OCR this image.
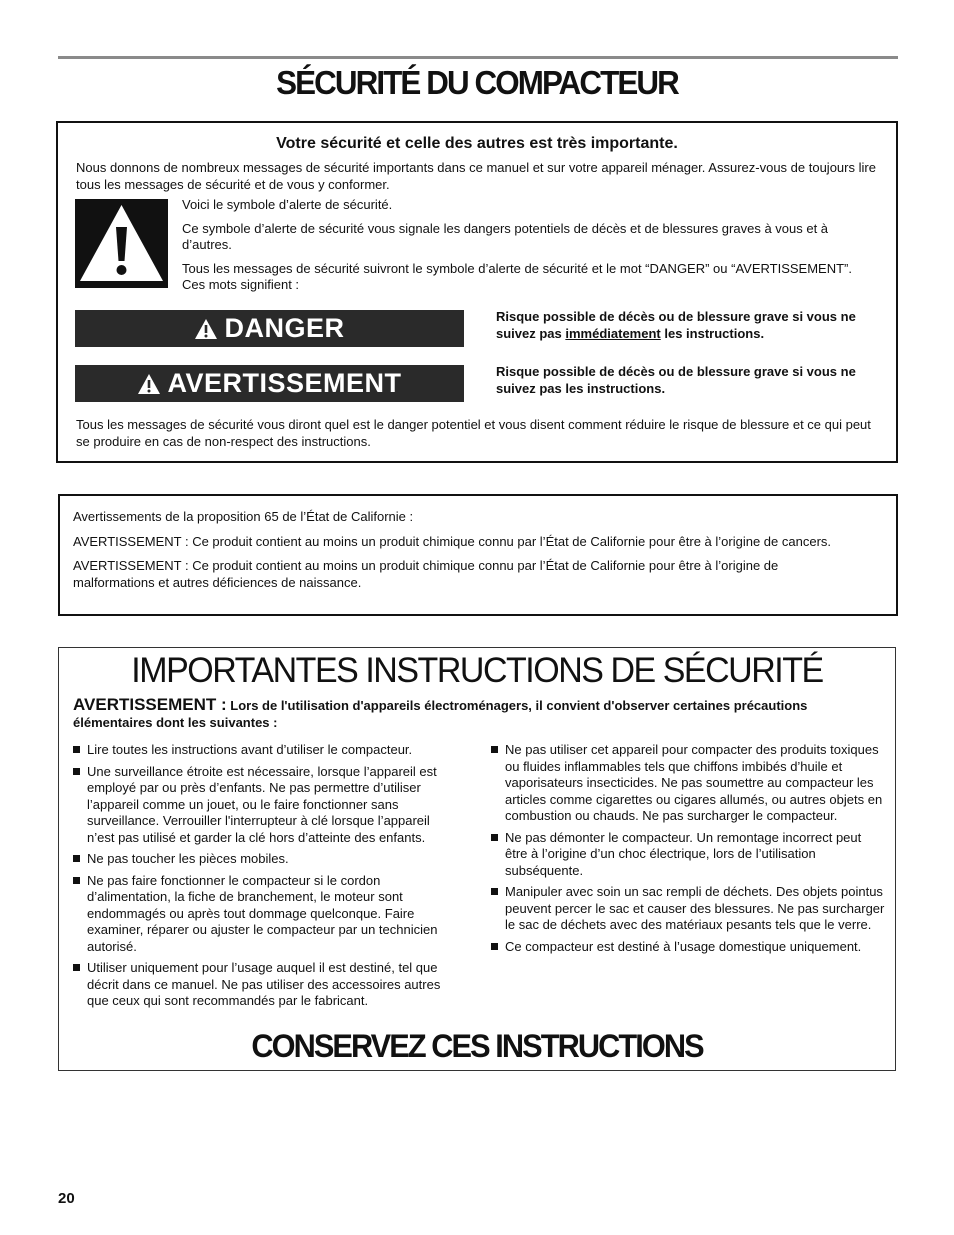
SÉCURITÉ DU COMPACTEUR

Votre sécurité et celle des autres est très importante.

Nous donnons de nombreux messages de sécurité importants dans ce manuel et sur votre appareil ménager. Assurez-vous de toujours lire tous les messages de sécurité et de vous y conformer.

Voici le symbole d’alerte de sécurité.

Ce symbole d’alerte de sécurité vous signale les dangers potentiels de décès et de blessures graves à vous et à d’autres.

Tous les messages de sécurité suivront le symbole d’alerte de sécurité et le mot “DANGER” ou “AVERTISSEMENT”. Ces mots signifient :

DANGER	Risque possible de décès ou de blessure grave si vous ne suivez pas immédiatement les instructions.

AVERTISSEMENT	Risque possible de décès ou de blessure grave si vous ne suivez pas les instructions.

Tous les messages de sécurité vous diront quel est le danger potentiel et vous disent comment réduire le risque de blessure et ce qui peut se produire en cas de non-respect des instructions.

Avertissements de la proposition 65 de l’État de Californie :

AVERTISSEMENT : Ce produit contient au moins un produit chimique connu par l’État de Californie pour être à l’origine de cancers.

AVERTISSEMENT : Ce produit contient au moins un produit chimique connu par l’État de Californie pour être à l’origine de malformations et autres déficiences de naissance.

IMPORTANTES INSTRUCTIONS DE SÉCURITÉ

AVERTISSEMENT : Lors de l'utilisation d'appareils électroménagers, il convient d'observer certaines précautions élémentaires dont les suivantes :

Lire toutes les instructions avant d’utiliser le compacteur.
Une surveillance étroite est nécessaire, lorsque l’appareil est employé par ou près d’enfants. Ne pas permettre d’utiliser l’appareil comme un jouet, ou le faire fonctionner sans surveillance. Verrouiller l'interrupteur à clé lorsque l’appareil n’est pas utilisé et garder la clé hors d’atteinte des enfants.
Ne pas toucher les pièces mobiles.
Ne pas faire fonctionner le compacteur si le cordon d’alimentation, la fiche de branchement, le moteur sont endommagés ou après tout dommage quelconque. Faire examiner, réparer ou ajuster le compacteur par un technicien autorisé.
Utiliser uniquement pour l’usage auquel il est destiné, tel que décrit dans ce manuel. Ne pas utiliser des accessoires autres que ceux qui sont recommandés par le fabricant.
Ne pas utiliser cet appareil pour compacter des produits toxiques ou fluides inflammables tels que chiffons imbibés d’huile et vaporisateurs insecticides. Ne pas soumettre au compacteur les articles comme cigarettes ou cigares allumés, ou autres objets en combustion ou chauds. Ne pas surcharger le compacteur.
Ne pas démonter le compacteur. Un remontage incorrect peut être à l’origine d’un choc électrique, lors de l’utilisation subséquente.
Manipuler avec soin un sac rempli de déchets. Des objets pointus peuvent percer le sac et causer des blessures. Ne pas surcharger le sac de déchets avec des matériaux pesants tels que le verre.
Ce compacteur est destiné à l’usage domestique uniquement.
CONSERVEZ CES INSTRUCTIONS
20
